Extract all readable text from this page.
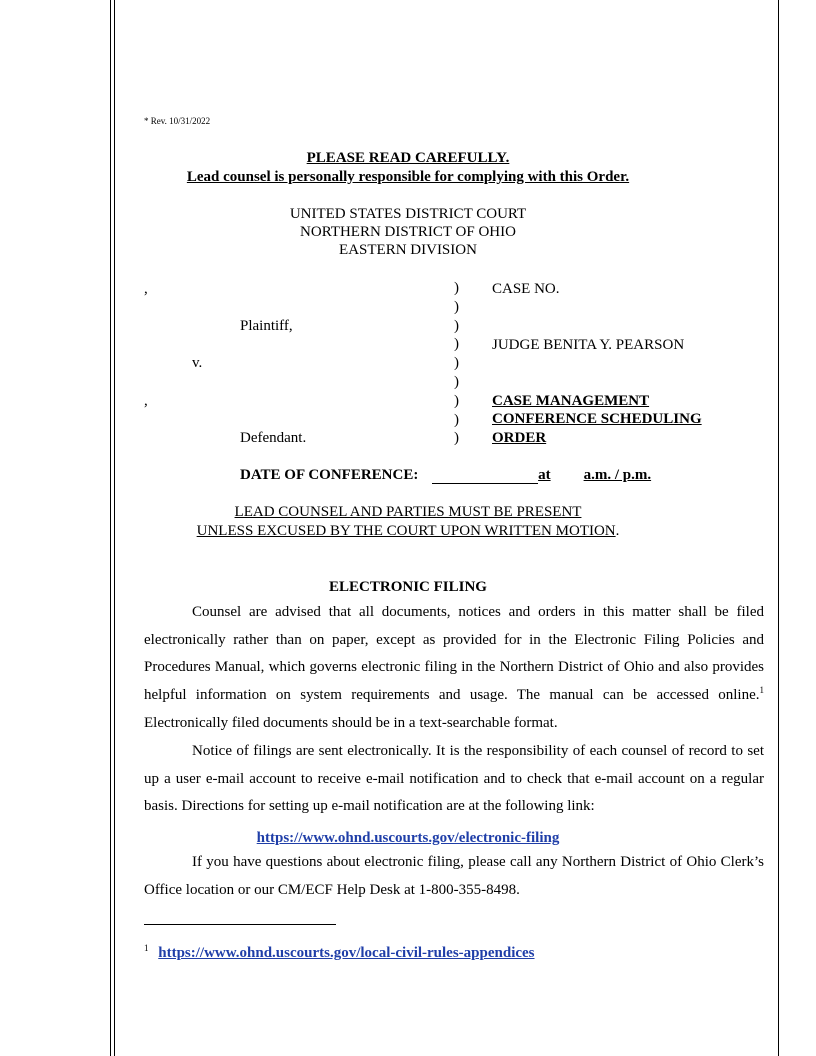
* Rev. 10/31/2022
PLEASE READ CAREFULLY.
Lead counsel is personally responsible for complying with this Order.
UNITED STATES DISTRICT COURT
NORTHERN DISTRICT OF OHIO
EASTERN DIVISION
,
Plaintiff,
v.
,
Defendant.
)
)
)
)
)
)
)
)
)
CASE NO.
JUDGE BENITA Y. PEARSON
CASE MANAGEMENT
CONFERENCE SCHEDULING
ORDER
DATE OF CONFERENCE:	at a.m. / p.m.
LEAD COUNSEL AND PARTIES MUST BE PRESENT
UNLESS EXCUSED BY THE COURT UPON WRITTEN MOTION.
ELECTRONIC FILING
Counsel are advised that all documents, notices and orders in this matter shall be filed electronically rather than on paper, except as provided for in the Electronic Filing Policies and Procedures Manual, which governs electronic filing in the Northern District of Ohio and also provides helpful information on system requirements and usage. The manual can be accessed online.$^1$ Electronically filed documents should be in a text-searchable format.
Notice of filings are sent electronically. It is the responsibility of each counsel of record to set up a user e-mail account to receive e-mail notification and to check that e-mail account on a regular basis. Directions for setting up e-mail notification are at the following link:
https://www.ohnd.uscourts.gov/electronic-filing
If you have questions about electronic filing, please call any Northern District of Ohio Clerk’s Office location or our CM/ECF Help Desk at 1-800-355-8498.
$^1$ https://www.ohnd.uscourts.gov/local-civil-rules-appendices
